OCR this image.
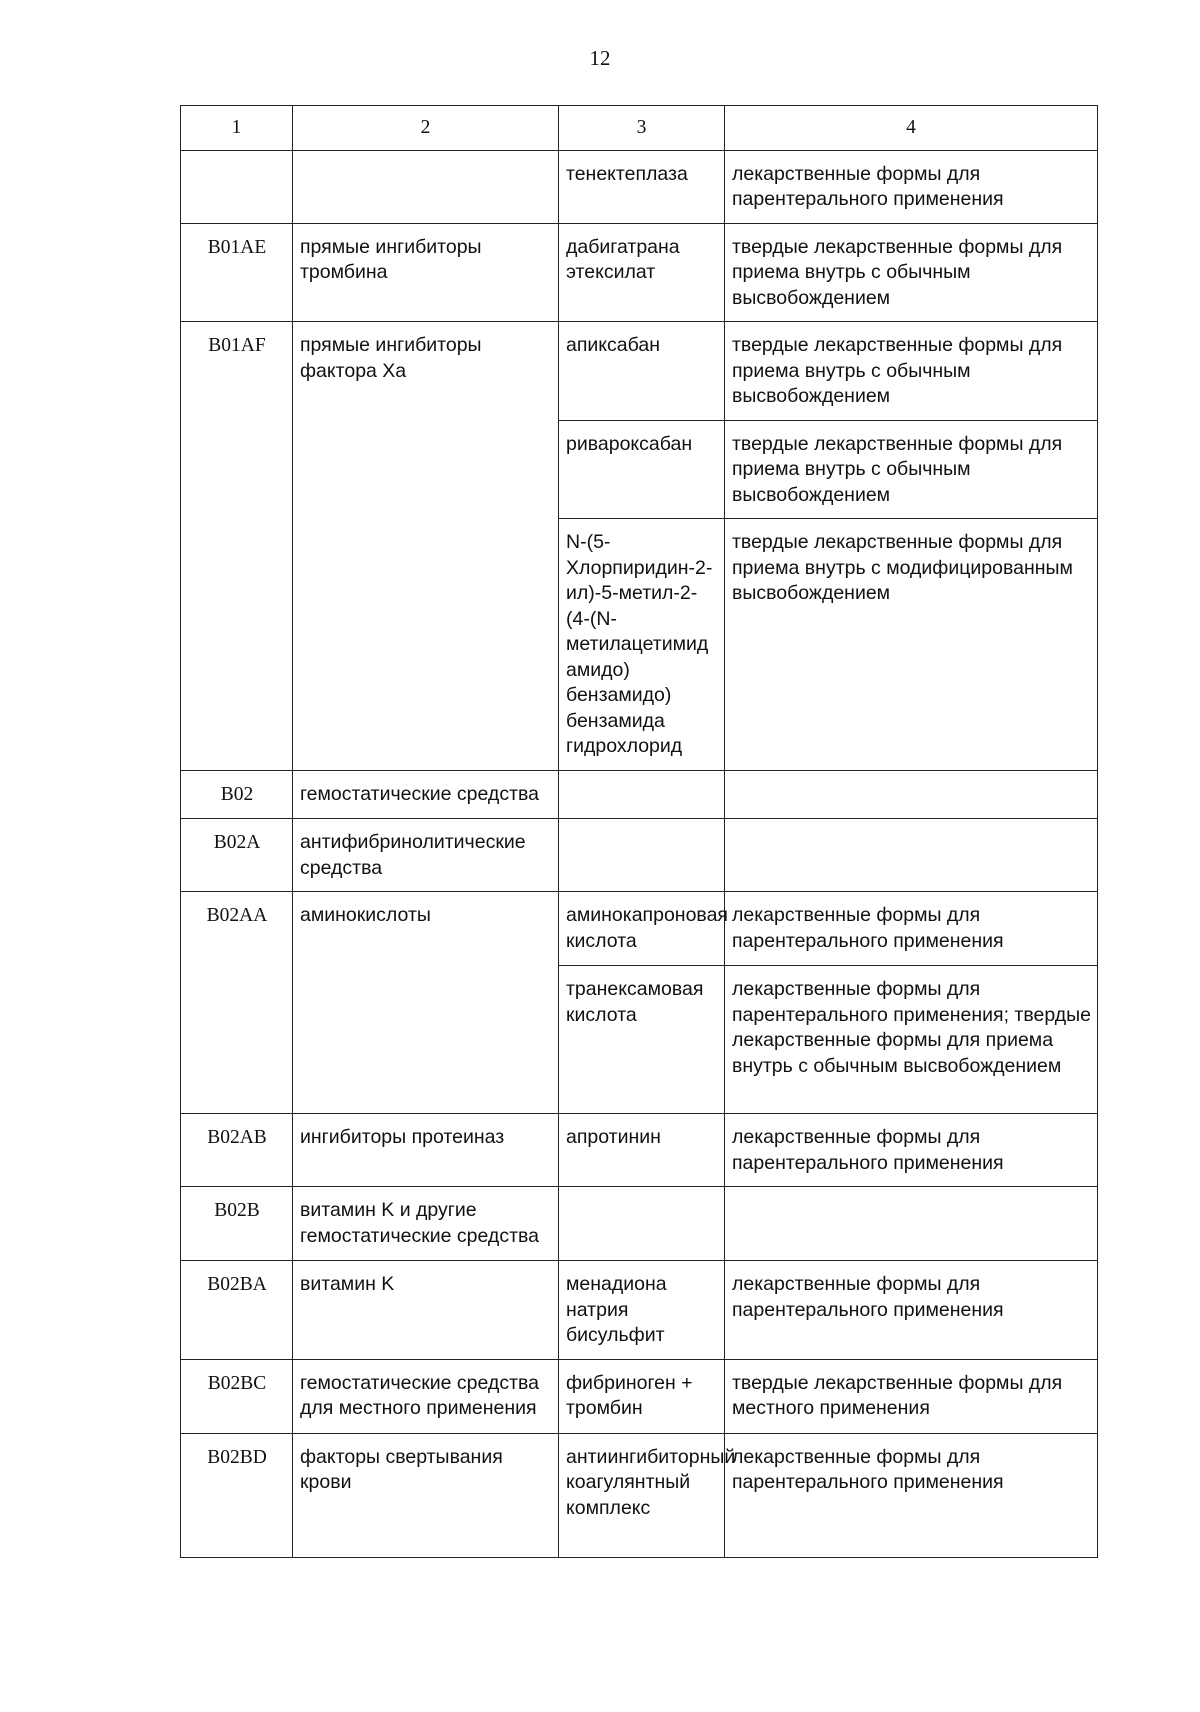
12
1	2	3	4
		тенектеплаза	лекарственные формы для парентерального применения
B01AE	прямые ингибиторы тромбина	дабигатрана этексилат	твердые лекарственные формы для приема внутрь с обычным высвобождением
B01AF	прямые ингибиторы фактора Xa	апиксабан	твердые лекарственные формы для приема внутрь с обычным высвобождением
		ривароксабан	твердые лекарственные формы для приема внутрь с обычным высвобождением
		N-(5-Хлорпиридин-2-ил)-5-метил-2-(4-(N-метилацетимидамидо) бензамидо) бензамида гидрохлорид	твердые лекарственные формы для приема внутрь с модифицированным высвобождением
B02	гемостатические средства		
B02A	антифибринолитические средства		
B02AA	аминокислоты	аминокапроновая кислота	лекарственные формы для парентерального применения
		транексамовая кислота	лекарственные формы для парентерального применения; твердые лекарственные формы для приема внутрь с обычным высвобождением
B02AB	ингибиторы протеиназ	апротинин	лекарственные формы для парентерального применения
B02B	витамин K и другие гемостатические средства		
B02BA	витамин K	менадиона натрия бисульфит	лекарственные формы для парентерального применения
B02BC	гемостатические средства для местного применения	фибриноген + тромбин	твердые лекарственные формы для местного применения
B02BD	факторы свертывания крови	антиингибиторный коагулянтный комплекс	лекарственные формы для парентерального применения
